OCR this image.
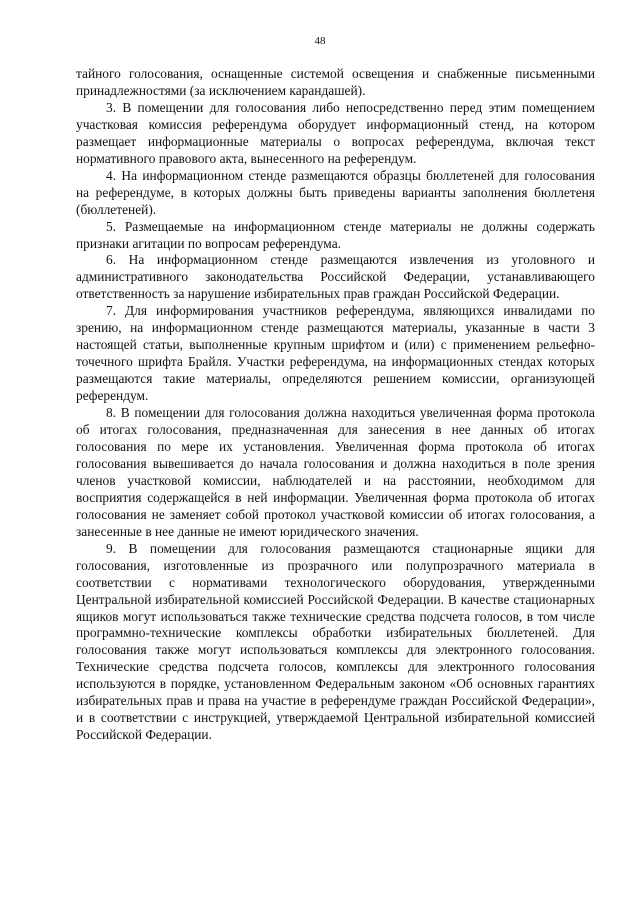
48

тайного голосования, оснащенные системой освещения и снабженные письменными принадлежностями (за исключением карандашей).

3. В помещении для голосования либо непосредственно перед этим помещением участковая комиссия референдума оборудует информационный стенд, на котором размещает информационные материалы о вопросах референдума, включая текст нормативного правового акта, вынесенного на референдум.

4. На информационном стенде размещаются образцы бюллетеней для голосования на референдуме, в которых должны быть приведены варианты заполнения бюллетеня (бюллетеней).

5. Размещаемые на информационном стенде материалы не должны содержать признаки агитации по вопросам референдума.

6. На информационном стенде размещаются извлечения из уголовного и административного законодательства Российской Федерации, устанавливающего ответственность за нарушение избирательных прав граждан Российской Федерации.

7. Для информирования участников референдума, являющихся инвалидами по зрению, на информационном стенде размещаются материалы, указанные в части 3 настоящей статьи, выполненные крупным шрифтом и (или) с применением рельефно-точечного шрифта Брайля. Участки референдума, на информационных стендах которых размещаются такие материалы, определяются решением комиссии, организующей референдум.

8. В помещении для голосования должна находиться увеличенная форма протокола об итогах голосования, предназначенная для занесения в нее данных об итогах голосования по мере их установления. Увеличенная форма протокола об итогах голосования вывешивается до начала голосования и должна находиться в поле зрения членов участковой комиссии, наблюдателей и на расстоянии, необходимом для восприятия содержащейся в ней информации. Увеличенная форма протокола об итогах голосования не заменяет собой протокол участковой комиссии об итогах голосования, а занесенные в нее данные не имеют юридического значения.

9. В помещении для голосования размещаются стационарные ящики для голосования, изготовленные из прозрачного или полупрозрачного материала в соответствии с нормативами технологического оборудования, утвержденными Центральной избирательной комиссией Российской Федерации. В качестве стационарных ящиков могут использоваться также технические средства подсчета голосов, в том числе программно-технические комплексы обработки избирательных бюллетеней. Для голосования также могут использоваться комплексы для электронного голосования. Технические средства подсчета голосов, комплексы для электронного голосования используются в порядке, установленном Федеральным законом «Об основных гарантиях избирательных прав и права на участие в референдуме граждан Российской Федерации», и в соответствии с инструкцией, утверждаемой Центральной избирательной комиссией Российской Федерации.
